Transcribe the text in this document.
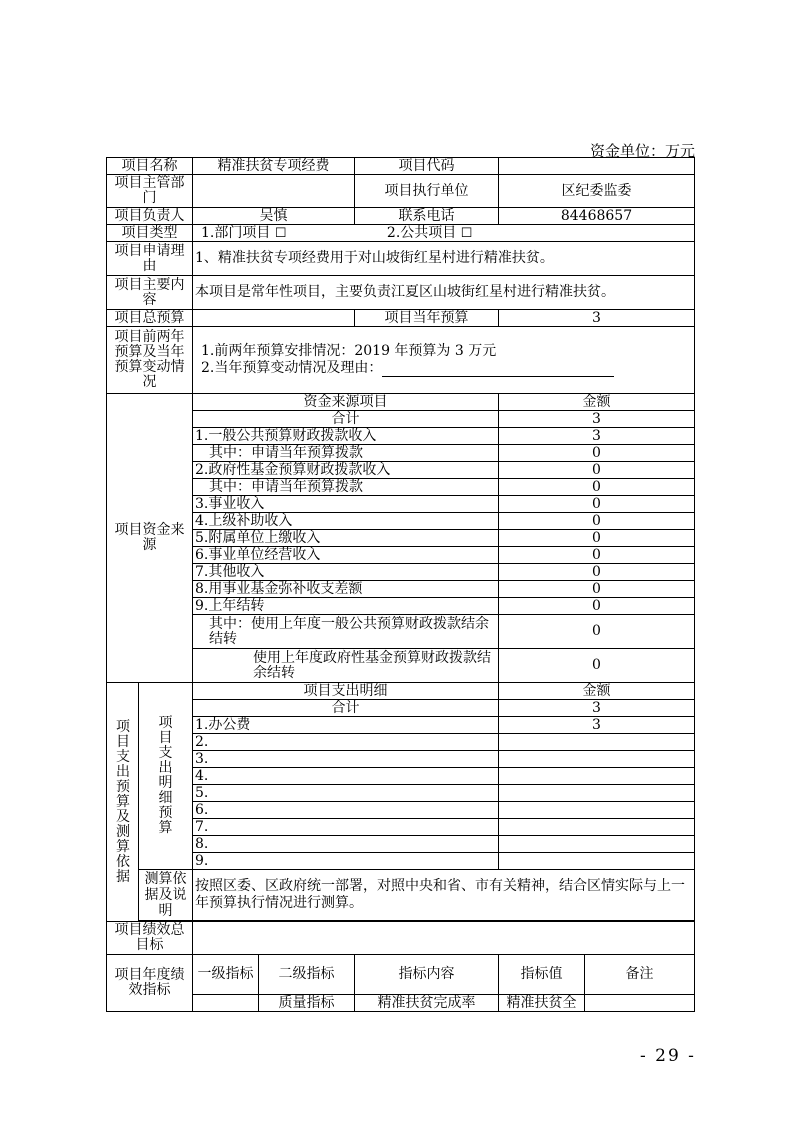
资金单位：万元
项目名称		精准扶贫专项经费		项目代码		
项目主管部门				项目执行单位	区纪委监委	
项目负责人		吴慎		联系电话	84468657	
项目类型		1.部门项目 ☐ 2.公共项目 ☐				
项目申请理由		1、精准扶贫专项经费用于对山坡街红星村进行精准扶贫。				
项目主要内容		本项目是常年性项目，主要负责江夏区山坡街红星村进行精准扶贫。				
项目总预算				项目当年预算	3	
项目前两年预算及当年预算变动情况		1.前两年预算安排情况：2019 年预算为 3 万元
2.当年预算变动情况及理由：				

项目资金来源		资金来源项目			金额	
		合计			3	
		1.一般公共预算财政拨款收入			3	
		其中：申请当年预算拨款			0	
		2.政府性基金预算财政拨款收入			0	
		其中：申请当年预算拨款			0	
		3.事业收入			0	
		4.上级补助收入			0	
		5.附属单位上缴收入			0	
		6.事业单位经营收入			0	
		7.其他收入			0	
		8.用事业基金弥补收支差额			0	
		9.上年结转			0	
		其中：使用上年度一般公共预算财政拨款结余结转			0	
		使用上年度政府性基金预算财政拨款结余结转			0	
项目支出预算及测算依据	项目支出明细预算	项目支出明细			金额	
		合计			3	
		1.办公费			3	
		2.				
		3.				
		4.				
		5.				
		6.				
		7.				
		8.				
		9.				
	测算依据及说明	按照区委、区政府统一部署，对照中央和省、市有关精神，结合区情实际与上一年预算执行情况进行测算。				

项目绩效总目标						
项目年度绩效指标		一级指标	二级指标	指标内容	指标值	备注
			质量指标	精准扶贫完成率	精准扶贫全	
- 29 -
